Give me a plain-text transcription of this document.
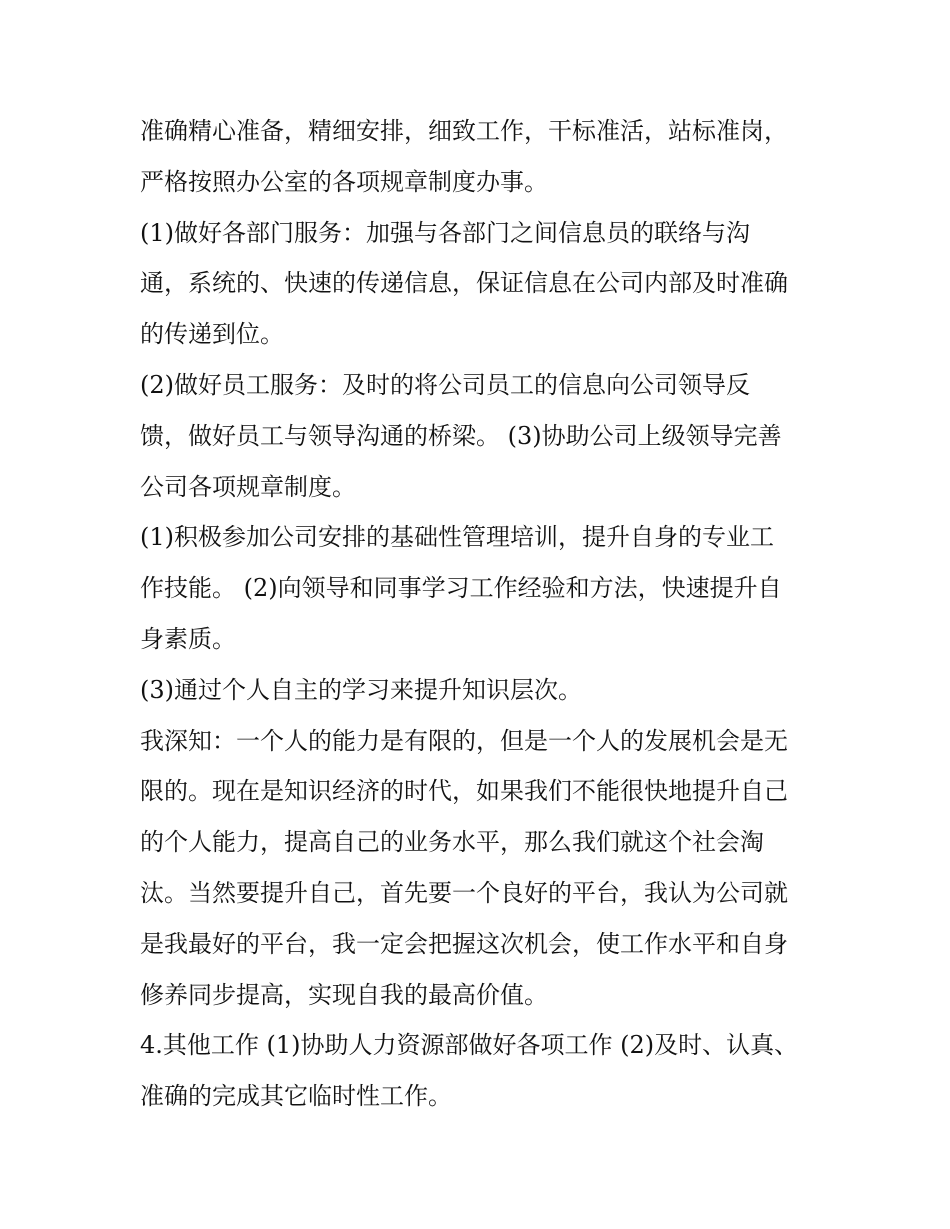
准确精心准备，精细安排，细致工作，干标准活，站标准岗，
严格按照办公室的各项规章制度办事。
(1)做好各部门服务：加强与各部门之间信息员的联络与沟
通，系统的、快速的传递信息，保证信息在公司内部及时准确
的传递到位。
(2)做好员工服务：及时的将公司员工的信息向公司领导反
馈，做好员工与领导沟通的桥梁。 (3)协助公司上级领导完善
公司各项规章制度。
(1)积极参加公司安排的基础性管理培训，提升自身的专业工
作技能。 (2)向领导和同事学习工作经验和方法，快速提升自
身素质。
(3)通过个人自主的学习来提升知识层次。
我深知：一个人的能力是有限的，但是一个人的发展机会是无
限的。现在是知识经济的时代，如果我们不能很快地提升自己
的个人能力，提高自己的业务水平，那么我们就这个社会淘
汰。当然要提升自己，首先要一个良好的平台，我认为公司就
是我最好的平台，我一定会把握这次机会，使工作水平和自身
修养同步提高，实现自我的最高价值。
4.其他工作 (1)协助人力资源部做好各项工作 (2)及时、认真、
准确的完成其它临时性工作。
